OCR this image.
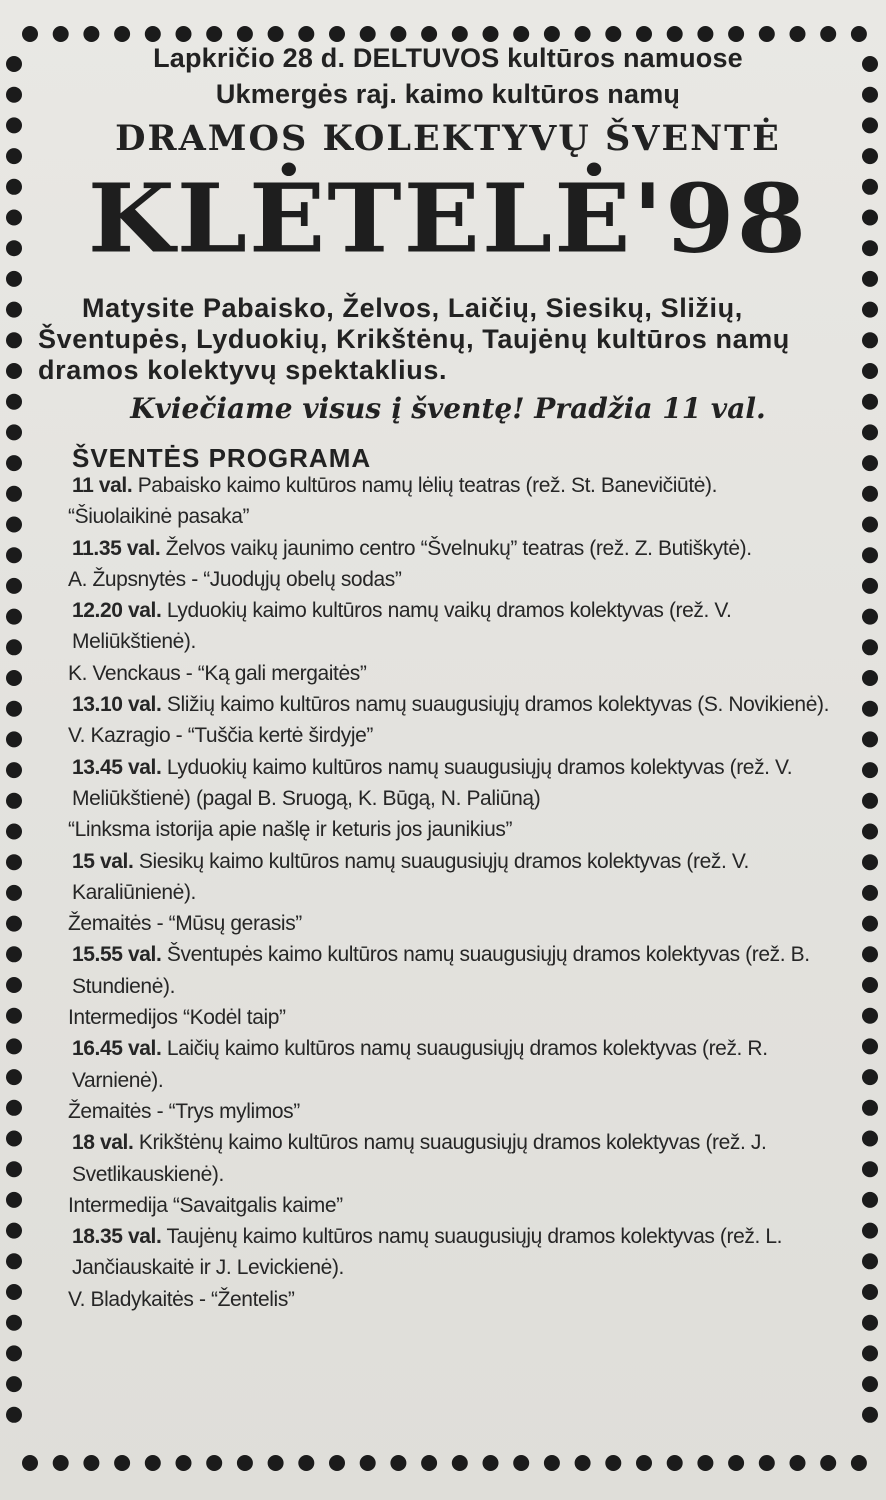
Lapkričio 28 d. DELTUVOS kultūros namuose
Ukmergės raj. kaimo kultūros namų
DRAMOS KOLEKTYVŲ ŠVENTĖ
KLĖTELĖ'98
Matysite Pabaisko, Želvos, Laičių, Siesikų, Sližių, Šventupės, Lyduokių, Krikštėnų, Taujėnų kultūros namų dramos kolektyvų spektaklius.
Kviečiame visus į šventę! Pradžia 11 val.
ŠVENTĖS PROGRAMA

11 val. Pabaisko kaimo kultūros namų lėlių teatras (rež. St. Banevičiūtė).

“Šiuolaikinė pasaka”

11.35 val. Želvos vaikų jaunimo centro “Švelnukų” teatras (rež. Z. Butiškytė).

A. Župsnytės - “Juodųjų obelų sodas”

12.20 val. Lyduokių kaimo kultūros namų vaikų dramos kolektyvas (rež. V. Meliūkštienė).

K. Venckaus - “Ką gali mergaitės”

13.10 val. Sližių kaimo kultūros namų suaugusiųjų dramos kolektyvas (S. Novikienė).

V. Kazragio - “Tuščia kertė širdyje”

13.45 val. Lyduokių kaimo kultūros namų suaugusiųjų dramos kolektyvas (rež. V. Meliūkštienė) (pagal B. Sruogą, K. Būgą, N. Paliūną)

“Linksma istorija apie našlę ir keturis jos jaunikius”

15 val. Siesikų kaimo kultūros namų suaugusiųjų dramos kolektyvas (rež. V. Karaliūnienė).

Žemaitės - “Mūsų gerasis”

15.55 val. Šventupės kaimo kultūros namų suaugusiųjų dramos kolektyvas (rež. B. Stundienė).

Intermedijos “Kodėl taip”

16.45 val. Laičių kaimo kultūros namų suaugusiųjų dramos kolektyvas (rež. R. Varnienė).

Žemaitės - “Trys mylimos”

18 val. Krikštėnų kaimo kultūros namų suaugusiųjų dramos kolektyvas (rež. J. Svetlikauskienė).

Intermedija “Savaitgalis kaime”

18.35 val. Taujėnų kaimo kultūros namų suaugusiųjų dramos kolektyvas (rež. L. Jančiauskaitė ir J. Levickienė).

V. Bladykaitės - “Žentelis”
